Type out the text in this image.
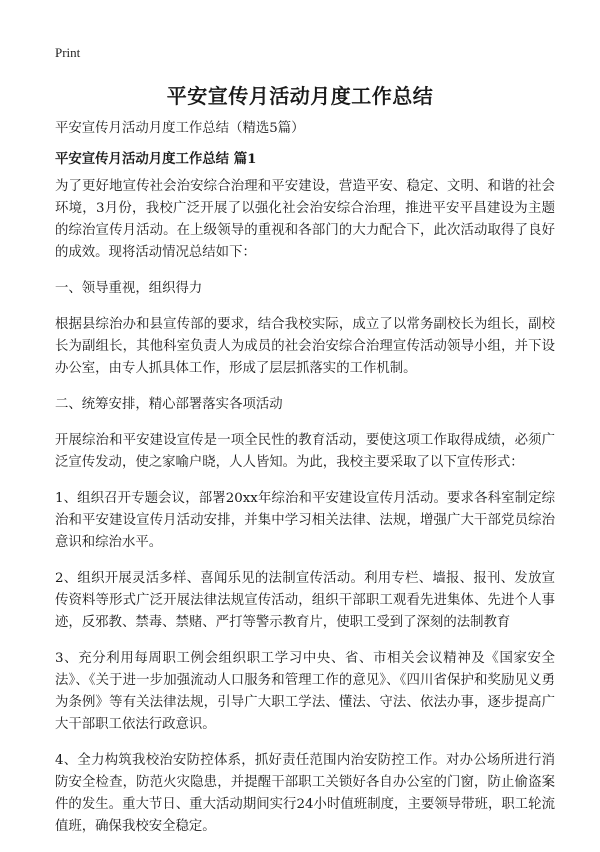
Print
平安宣传月活动月度工作总结

平安宣传月活动月度工作总结（精选5篇）

平安宣传月活动月度工作总结 篇1

为了更好地宣传社会治安综合治理和平安建设，营造平安、稳定、文明、和谐的社会环境，3月份，我校广泛开展了以强化社会治安综合治理，推进平安平昌建设为主题的综治宣传月活动。在上级领导的重视和各部门的大力配合下，此次活动取得了良好的成效。现将活动情况总结如下：

一、领导重视，组织得力

根据县综治办和县宣传部的要求，结合我校实际，成立了以常务副校长为组长，副校长为副组长，其他科室负责人为成员的社会治安综合治理宣传活动领导小组，并下设办公室，由专人抓具体工作，形成了层层抓落实的工作机制。

二、统筹安排，精心部署落实各项活动

开展综治和平安建设宣传是一项全民性的教育活动，要使这项工作取得成绩，必须广泛宣传发动，使之家喻户晓，人人皆知。为此，我校主要采取了以下宣传形式：

1、组织召开专题会议，部署20xx年综治和平安建设宣传月活动。要求各科室制定综治和平安建设宣传月活动安排，并集中学习相关法律、法规，增强广大干部党员综治意识和综治水平。

2、组织开展灵活多样、喜闻乐见的法制宣传活动。利用专栏、墙报、报刊、发放宣传资料等形式广泛开展法律法规宣传活动，组织干部职工观看先进集体、先进个人事迹，反邪教、禁毒、禁赌、严打等警示教育片，使职工受到了深刻的法制教育

3、充分利用每周职工例会组织职工学习中央、省、市相关会议精神及《国家安全法》、《关于进一步加强流动人口服务和管理工作的意见》、《四川省保护和奖励见义勇为条例》等有关法律法规，引导广大职工学法、懂法、守法、依法办事，逐步提高广大干部职工依法行政意识。

4、全力构筑我校治安防控体系，抓好责任范围内治安防控工作。对办公场所进行消防安全检查，防范火灾隐患，并提醒干部职工关锁好各自办公室的门窗，防止偷盗案件的发生。重大节日、重大活动期间实行24小时值班制度，主要领导带班，职工轮流值班，确保我校安全稳定。
